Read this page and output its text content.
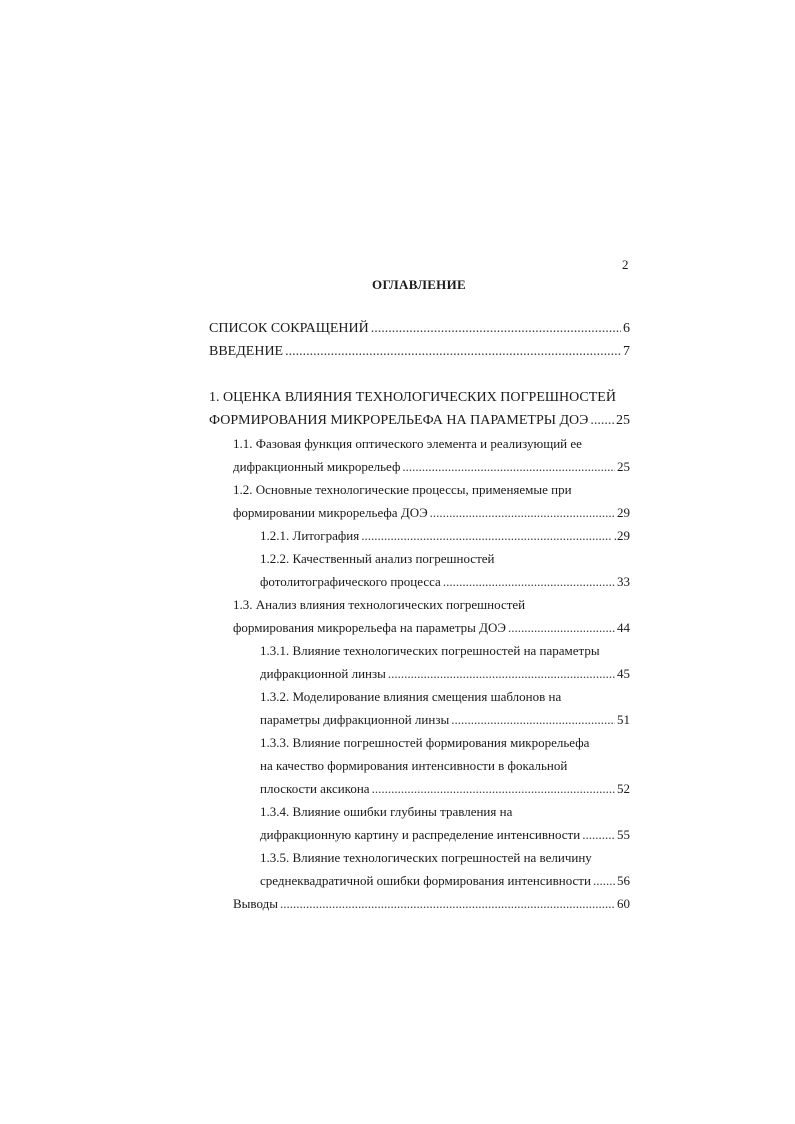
2
ОГЛАВЛЕНИЕ
СПИСОК СОКРАЩЕНИЙ .....	6
ВВЕДЕНИЕ .....	7
1. ОЦЕНКА ВЛИЯНИЯ ТЕХНОЛОГИЧЕСКИХ ПОГРЕШНОСТЕЙ
ФОРМИРОВАНИЯ МИКРОРЕЛЬЕФА НА ПАРАМЕТРЫ ДОЭ ..... 25
1.1. Фазовая функция оптического элемента и реализующий ее
дифракционный микрорельеф .....	25
1.2. Основные технологические процессы, применяемые при
формировании микрорельефа ДОЭ .....	29
1.2.1. Литография .....	.29
1.2.2. Качественный анализ погрешностей
фотолитографического процесса .....	33
1.3. Анализ влияния технологических погрешностей
формирования микрорельефа на параметры ДОЭ .....	44
1.3.1. Влияние технологических погрешностей на параметры
дифракционной линзы .....	45
1.3.2. Моделирование влияния смещения шаблонов на
параметры дифракционной линзы .....	51
1.3.3. Влияние погрешностей формирования микрорельефа
на качество формирования интенсивности в фокальной
плоскости аксикона .....	52
1.3.4. Влияние ошибки глубины травления на
дифракционную картину и распределение интенсивности .....	55
1.3.5. Влияние технологических погрешностей на величину
среднеквадратичной ошибки формирования интенсивности ..... 56
Выводы .....	60
